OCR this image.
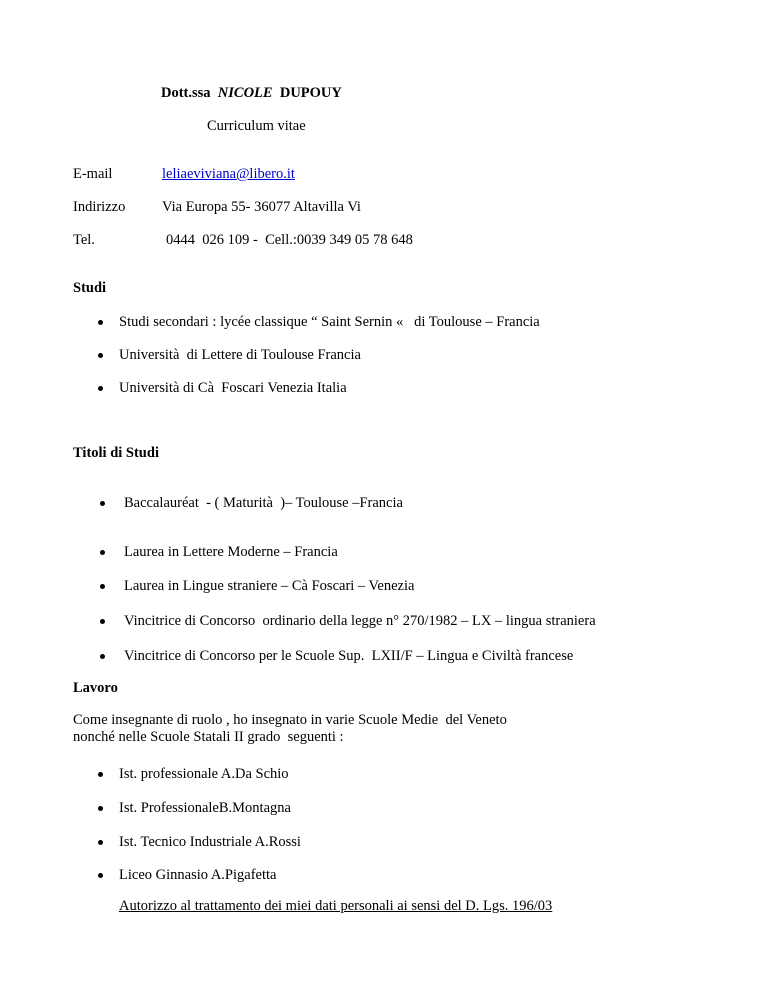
Dott.ssa NICOLE DUPOUY
Curriculum vitae
E-mail	leliaeviviana@libero.it
Indirizzo	Via Europa 55- 36077 Altavilla Vi
Tel.	0444  026 109 -  Cell.:0039 349 05 78 648
Studi
Studi secondari : lycée classique “ Saint Sernin «   di Toulouse – Francia
Università  di Lettere di Toulouse Francia
Università di Cà  Foscari Venezia Italia
Titoli di Studi
Baccalauréat  - ( Maturità  )– Toulouse –Francia
Laurea in Lettere Moderne – Francia
Laurea in Lingue straniere – Cà Foscari – Venezia
Vincitrice di Concorso  ordinario della legge n° 270/1982 – LX – lingua straniera
Vincitrice di Concorso per le Scuole Sup.  LXII/F – Lingua e Civiltà francese
Lavoro
Come insegnante di ruolo , ho insegnato in varie Scuole Medie  del Veneto
nonché nelle Scuole Statali II grado  seguenti :
Ist. professionale A.Da Schio
Ist. ProfessionaleB.Montagna
Ist. Tecnico Industriale A.Rossi
Liceo Ginnasio A.Pigafetta
Autorizzo al trattamento dei miei dati personali ai sensi del D. Lgs. 196/03
